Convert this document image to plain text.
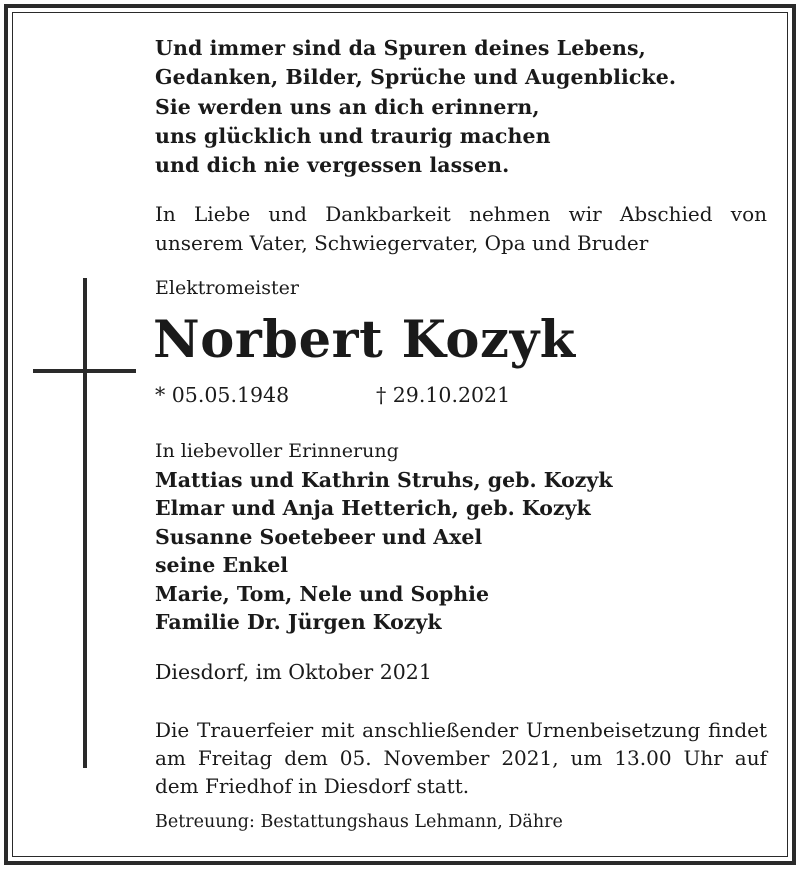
Und immer sind da Spuren deines Lebens,
Gedanken, Bilder, Sprüche und Augenblicke.
Sie werden uns an dich erinnern,
uns glücklich und traurig machen
und dich nie vergessen lassen.
In Liebe und Dankbarkeit nehmen wir Abschied von
unserem Vater, Schwiegervater, Opa und Bruder
Elektromeister
Norbert Kozyk
* 05.05.1948	† 29.10.2021
In liebevoller Erinnerung
Mattias und Kathrin Struhs, geb. Kozyk
Elmar und Anja Hetterich, geb. Kozyk
Susanne Soetebeer und Axel
seine Enkel
Marie, Tom, Nele und Sophie
Familie Dr. Jürgen Kozyk
Diesdorf, im Oktober 2021
Die Trauerfeier mit anschließender Urnenbeisetzung findet
am Freitag dem 05. November 2021, um 13.00 Uhr auf
dem Friedhof in Diesdorf statt.
Betreuung: Bestattungshaus Lehmann, Dähre
